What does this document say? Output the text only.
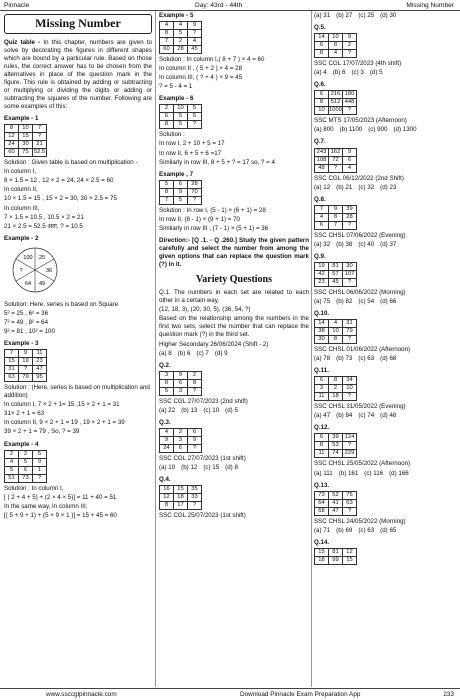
Pinnacle	Day: 43rd - 44th	Missing Number
Missing Number

Quiz table - In this chapter, numbers are given to solve by decorating the figures in different shapes which are bound by a particular rule. Based on those rules, the correct answer has to be chosen from the alternatives in place of the question mark in the figure. This rule is obtained by adding or subtracting or multiplying or dividing the digits or adding or subtracting the squares of the number. Following are some examples of this:

Example - 1
8	10	7
12	15	?
24	30	21
60	75	52.5

Solution : Given table is based on multiplication -

In column I,

8 × 1.5 = 12 , 12 × 2 = 24, 24 × 2.5 = 60

In column II,

10 × 1.5 = 15 , 15 × 2 = 30, 30 × 2.5 = 75

In column III,

7 × 1.5 = 10.5 , 10.5 × 2 = 21

21 × 2.5 = 52.5 अतः, ? = 10.5

Example - 2
100 25
?	36
64 49

Solution: Here, series is based on Square

5² = 25 , 6² = 36

7² = 49 , 8² = 64

9² = 81 , 10² = 100

Example - 3
7	9	11
15	19	23
31	?	47
63	79	95

Solution : (Here, series is based on multiplication and addition)

In column I, 7 × 2 + 1= 15 ,15 × 2 + 1 = 31

31× 2 + 1 = 63

In column II, 9 × 2 + 1 = 19 , 19 × 2 + 1 = 39

39 × 2 + 1 = 79 , So, ? = 39

Example - 4
2	2	5
4	5	9
5	6	1
51	73	?

Solution : In column I,

[ ( 2 + 4 + 5) + (2 × 4 × 5)] = 11 + 40 = 51

In the same way, In column III,

[( 5 + 9 + 1) + (5 × 9 × 1 )] = 15 + 45 = 60

Example - 5
4	4	9
8	5	?
7	2	4
60	28	45

Solution : In column I,( 8 + 7 ) × 4 = 60

In column II , ( 5 + 2 ) × 4 = 28

In column III, ( ? + 4 ) × 9 = 45

? = 5 - 4 = 1

Example - 6
2	10	5
6	5	6
8	5	?

Solution :

In row I, 2 + 10 + 5 = 17

In row II, 6 + 5 + 6 =17

Similarly in row III, 8 + 5 + ? = 17 so, ? = 4

Example , 7
5	6	28
8	9	70
7	5	?

Solution : In row I, (5 - 1) × (6 + 1) = 28

In row II, (8 - 1) × (9 + 1) = 70

Similarly in row III , (7 - 1) × (5 + 1) = 36

Direction:- [Q .1. - Q .260.] Study the given pattern carefully and select the number from among the given options that can replace the question mark (?) in it.

Variety Questions

Q.1. The numbers in each set are related to each other in a certain way.

(12, 18, 3), (20, 30, 5), (36, 54, ?)

Based on the relationship among the numbers in the first two sets, select the number that can replace the question mark (?) in the third set.

Higher Secondary 26/06/2024 (Shift - 2)

(a) 8 (b) 6 (c) 7 (d) 9
Q.2.
3	9	2
8	6	8
5	3	?

SSC CGL 27/07/2023 (2nd shift)

(a) 22 (b) 13 (c) 10 (d) 5
Q.3.
4	2	6
9	3	9
24	6	?

SSC CGL 27/07/2023 (1st shift)

(a) 10 (b) 12 (c) 15 (d) 8
Q.4.
16	15	35
12	18	33
8	17	?

SSC CGL 25/07/2023 (1st shift)

(a) 31 (b) 27 (c) 25 (d) 30
Q.5.
14	10	9
6	8	2
8	4	?

SSC CGL 17/07/2023 (4th shift)

(a) 4 (b) 6 (c) 3 (d) 5
Q.6.
6	216	180
8	512	448
10	1000	?

SSC MTS 17/05/2023 (Afternoon)

(a) 800 (b) 1100 (c) 900 (d) 1300
Q.7.
243	162	9
108	72	6
48	?	4

SSC CGL 06/12/2022 (2nd Shift)

(a) 12 (b) 21 (c) 32 (d) 23
Q.8.
7	9	39
4	8	28
6	7	?

SSC CHSL 07/06/2022 (Evening)

(a) 32 (b) 38 (c) 40 (d) 37
Q.9.
19	81	30
42	57	107
23	45	?

SSC CHSL 06/06/2022 (Morning)

(a) 75 (b) 82 (c) 54 (d) 66
Q.10.
14	4	31
38	10	79
30	8	?

SSC CHSL 01/06/2022 (Afternoon)

(a) 78 (b) 73 (c) 63 (d) 68
Q.11.
6	8	34
3	2	10
11	18	?

SSC CHSL 31/05/2022 (Evening)

(a) 47 (b) 84 (c) 74 (d) 48
Q.12.
6	39	124
8	53	?
11	74	229

SSC CHSL 25/05/2022 (Afternoon)

(a) 111 (b) 161 (c) 116 (d) 166
Q.13.
73	52	75
64	41	63
68	47	?

SSC CHSL 24/05/2022 (Morning)

(a) 71 (b) 69 (c) 63 (d) 65
Q.14.
15	81	12
18	99	15
www.ssccglpinnacle.com	Download Pinnacle Exam Preparation App	233
